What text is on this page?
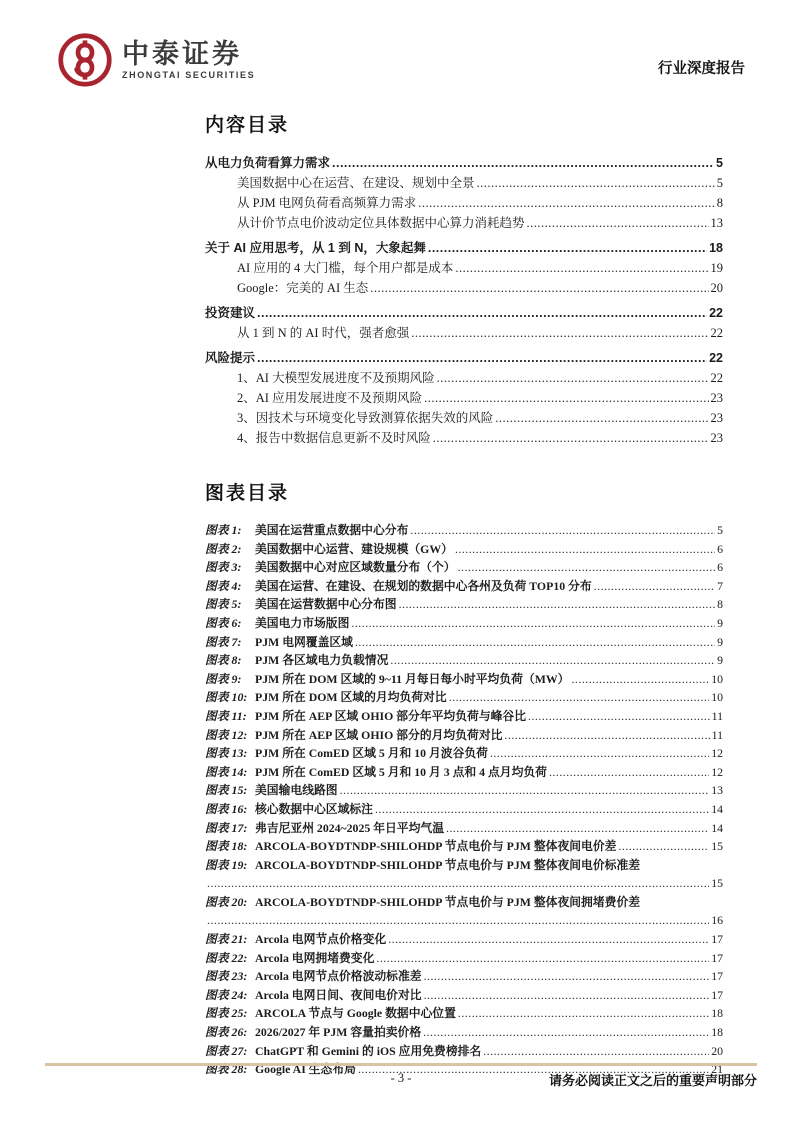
中泰证券
ZHONGTAI SECURITIES	行业深度报告
内容目录
从电力负荷看算力需求 .....	5
美国数据中心在运营、在建设、规划中全景 .....	5
从 PJM 电网负荷看高频算力需求 .....	8
从计价节点电价波动定位具体数据中心算力消耗趋势 .....	13
关于 AI 应用思考，从 1 到 N，大象起舞 .....	18
AI 应用的 4 大门槛，每个用户都是成本 .....	19
Google：完美的 AI 生态 .....	20
投资建议 .....	22
从 1 到 N 的 AI 时代，强者愈强 .....	22
风险提示 .....	22
1、AI 大模型发展进度不及预期风险 .....	22
2、AI 应用发展进度不及预期风险 .....	23
3、因技术与环境变化导致测算依据失效的风险 .....	23
4、报告中数据信息更新不及时风险 .....	23
图表目录
图表 1:	美国在运营重点数据中心分布 .....	5
图表 2:	美国数据中心运营、建设规模（GW） .....	6
图表 3:	美国数据中心对应区域数量分布（个） .....	6
图表 4:	美国在运营、在建设、在规划的数据中心各州及负荷 TOP10 分布 .....	7
图表 5:	美国在运营数据中心分布图 .....	8
图表 6:	美国电力市场版图 .....	9
图表 7:	PJM 电网覆盖区域 .....	9
图表 8:	PJM 各区域电力负载情况 .....	9
图表 9:	PJM 所在 DOM 区域的 9~11 月每日每小时平均负荷（MW） .....	10
图表 10: PJM 所在 DOM 区域的月均负荷对比 .....	10
图表 11: PJM 所在 AEP 区域 OHIO 部分年平均负荷与峰谷比 .....	11
图表 12: PJM 所在 AEP 区域 OHIO 部分的月均负荷对比 .....	11
图表 13: PJM 所在 ComED 区域 5 月和 10 月波谷负荷 .....	12
图表 14: PJM 所在 ComED 区域 5 月和 10 月 3 点和 4 点月均负荷 .....	12
图表 15: 美国输电线路图 .....	13
图表 16: 核心数据中心区域标注 .....	14
图表 17: 弗吉尼亚州 2024~2025 年日平均气温 .....	14
图表 18: ARCOLA-BOYDTNDP-SHILOHDP 节点电价与 PJM 整体夜间电价差 .....	15
图表 19: ARCOLA-BOYDTNDP-SHILOHDP 节点电价与 PJM 整体夜间电价标准差
.....
15
图表 20: ARCOLA-BOYDTNDP-SHILOHDP 节点电价与 PJM 整体夜间拥堵费价差
.....
16
图表 21: Arcola 电网节点价格变化 .....	17
图表 22: Arcola 电网拥堵费变化 .....	17
图表 23: Arcola 电网节点价格波动标准差 .....	17
图表 24: Arcola 电网日间、夜间电价对比 .....	17
图表 25: ARCOLA 节点与 Google 数据中心位置 .....	18
图表 26: 2026/2027 年 PJM 容量拍卖价格 .....	18
图表 27: ChatGPT 和 Gemini 的 iOS 应用免费榜排名 .....	20
图表 28: Google AI 生态布局 .....	21
- 3 -	请务必阅读正文之后的重要声明部分
